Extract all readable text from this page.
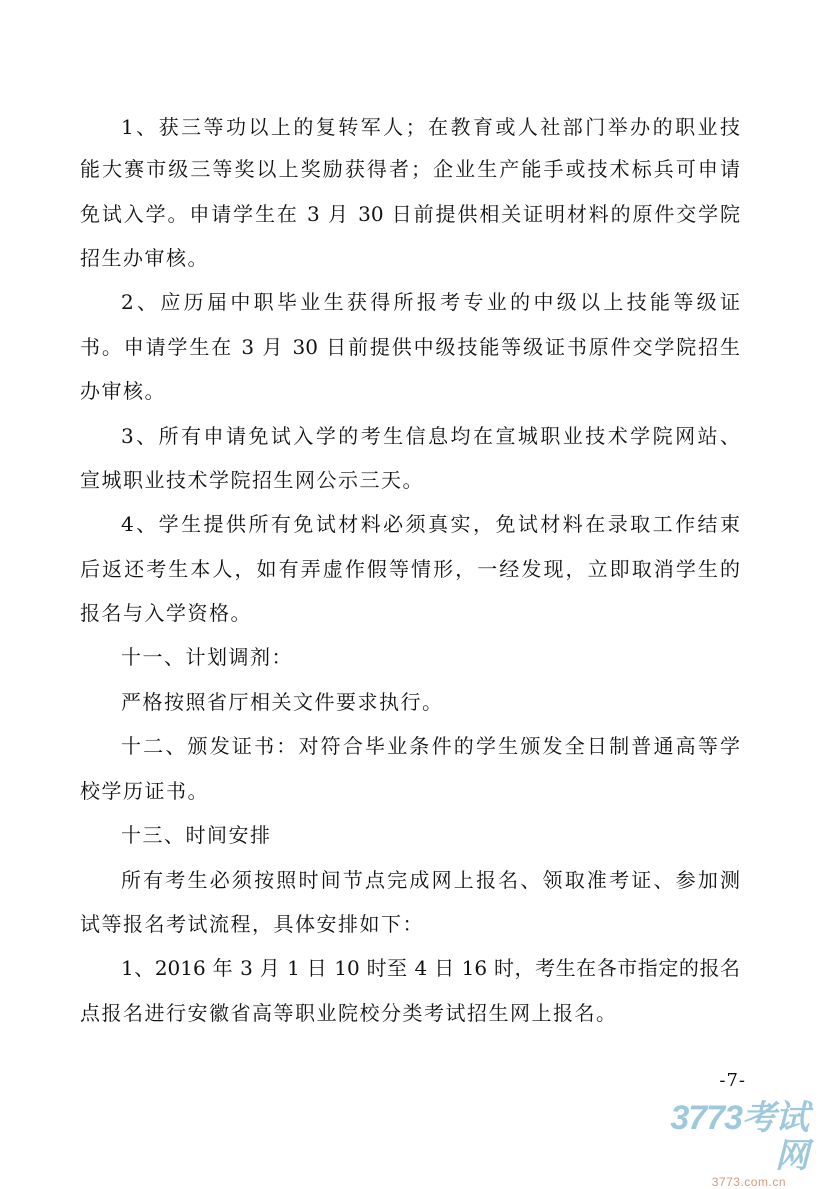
1、获三等功以上的复转军人；在教育或人社部门举办的职业技
能大赛市级三等奖以上奖励获得者；企业生产能手或技术标兵可申请
免试入学。申请学生在 3 月 30 日前提供相关证明材料的原件交学院
招生办审核。
2、应历届中职毕业生获得所报考专业的中级以上技能等级证
书。申请学生在 3 月 30 日前提供中级技能等级证书原件交学院招生
办审核。
3、所有申请免试入学的考生信息均在宣城职业技术学院网站、
宣城职业技术学院招生网公示三天。
4、学生提供所有免试材料必须真实，免试材料在录取工作结束
后返还考生本人，如有弄虚作假等情形，一经发现，立即取消学生的
报名与入学资格。
十一、计划调剂：
严格按照省厅相关文件要求执行。
十二、颁发证书：对符合毕业条件的学生颁发全日制普通高等学
校学历证书。
十三、时间安排
所有考生必须按照时间节点完成网上报名、领取准考证、参加测
试等报名考试流程，具体安排如下：
1、2016 年 3 月 1 日 10 时至 4 日 16 时，考生在各市指定的报名
点报名进行安徽省高等职业院校分类考试招生网上报名。
-7-
3773考试网
3773.com.cn
